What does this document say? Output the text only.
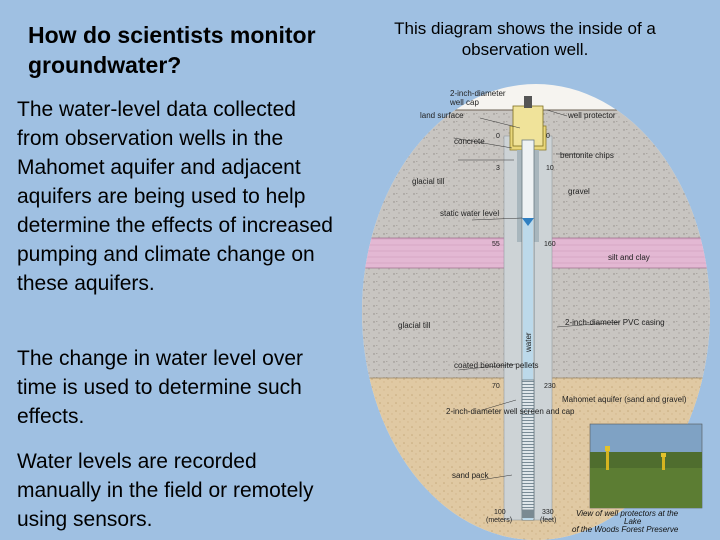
How do scientists monitor groundwater?

The water-level data collected from observation wells in the Mahomet aquifer and adjacent aquifers are being used to help determine the effects of increased pumping and climate change on these aquifers.

The change in water level over time is used to determine such effects.

Water levels are recorded manually in the field or remotely using sensors.

This diagram shows the inside of a observation well.

2-inch-diameter
well cap
land surface	well protector
concrete
bentonite chips
glacial till
gravel
static water level
silt and clay
2-inch-diameter PVC casing
glacial till
water
coated bentonite pellets
2-inch-diameter well screen and cap
Mahomet aquifer (sand and gravel)
sand pack
0	0
3	10
55	160
70	230
100	330
(meters)	(feet)
View of well protectors at the
Lake
of the Woods Forest Preserve
